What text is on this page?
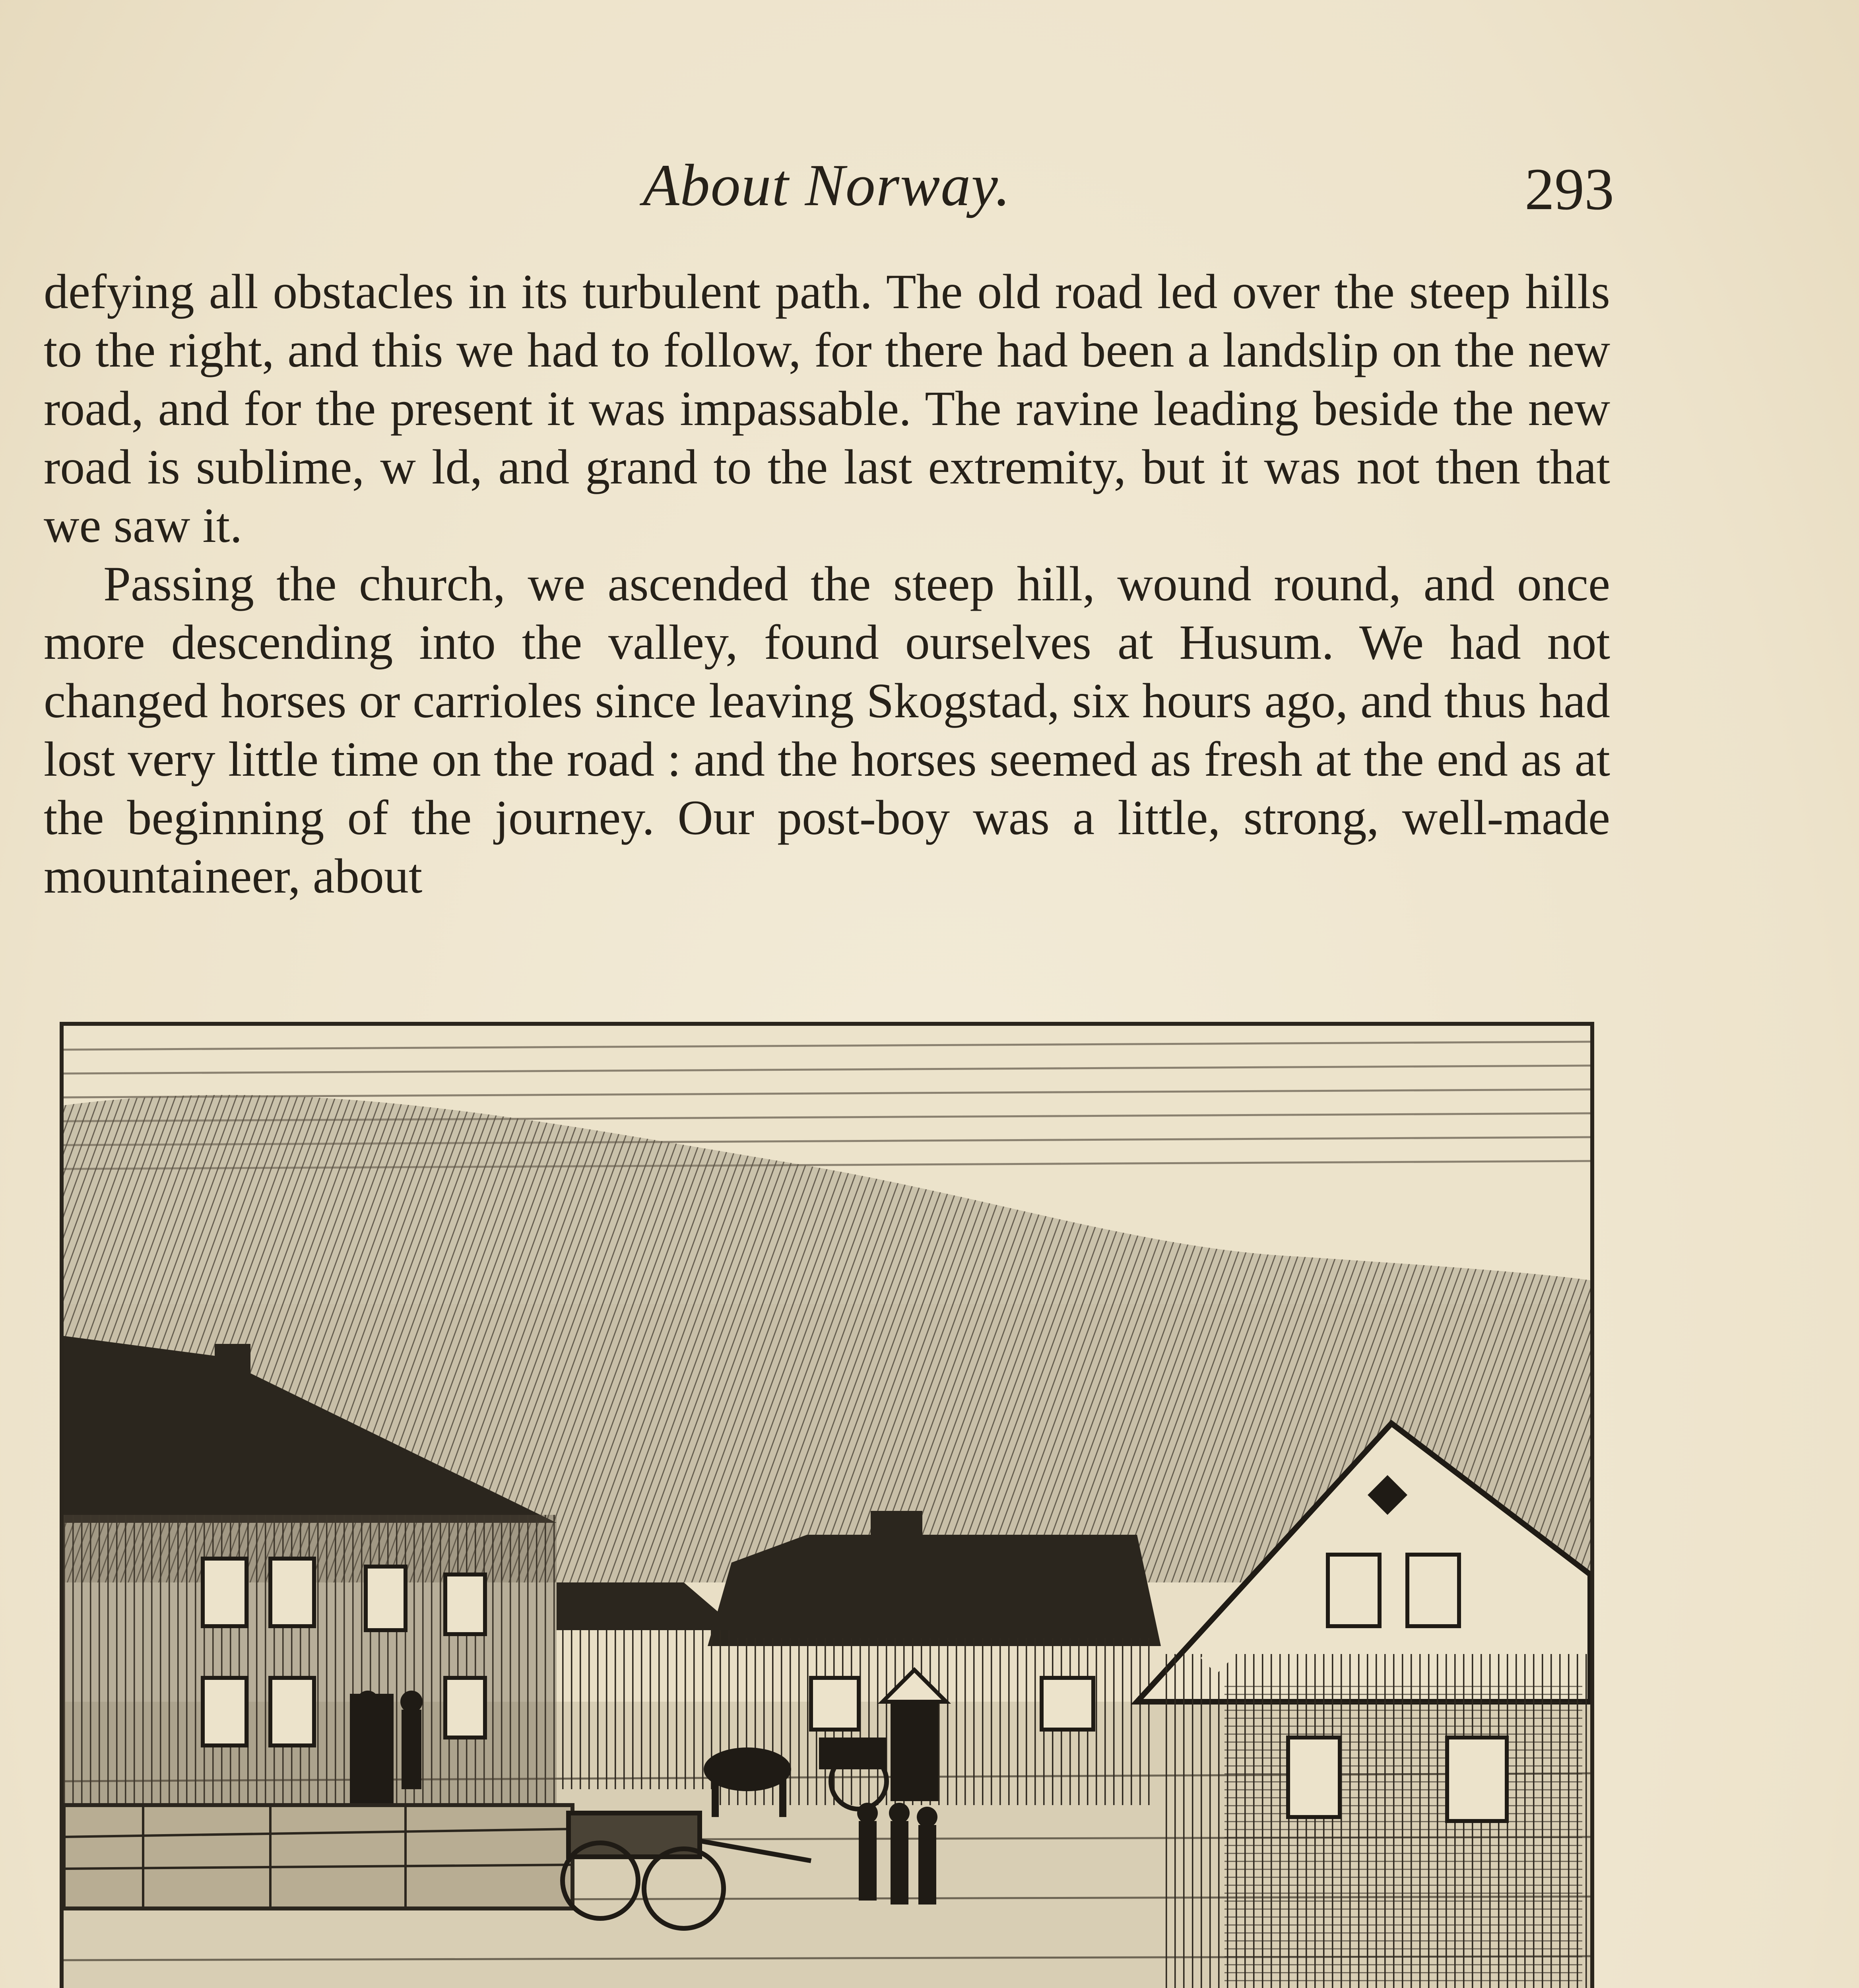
About Norway.	293

defying all obstacles in its turbulent path. The old road led over the steep hills to the right, and this we had to follow, for there had been a landslip on the new road, and for the present it was impassable. The ravine leading beside the new road is sublime, w ld, and grand to the last extremity, but it was not then that we saw it.

Passing the church, we ascended the steep hill, wound round, and once more descending into the valley, found ourselves at Husum. We had not changed horses or carrioles since leaving Skogstad, six hours ago, and thus had lost very little time on the road : and the horses seemed as fresh at the end as at the beginning of the journey. Our post-boy was a little, strong, well-made mountaineer, about
